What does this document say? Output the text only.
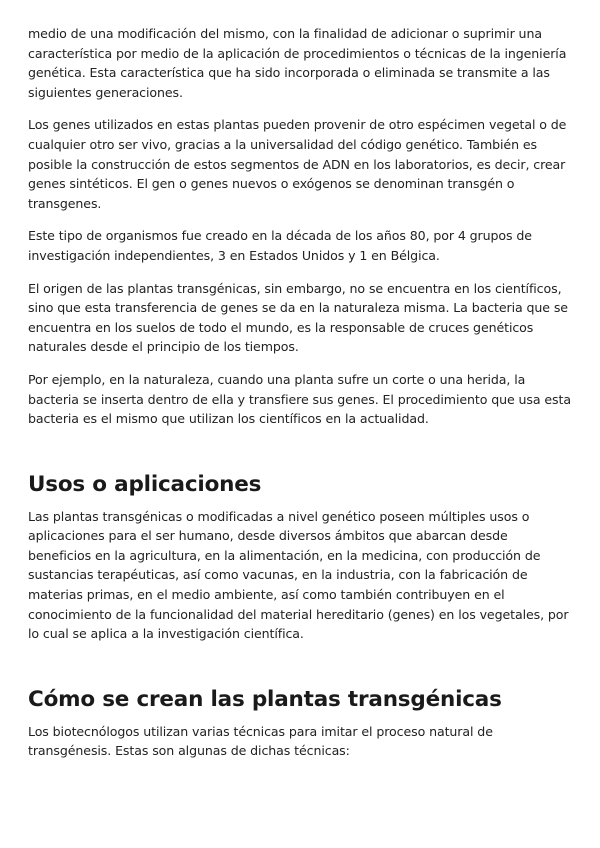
medio de una modificación del mismo, con la finalidad de adicionar o suprimir una característica por medio de la aplicación de procedimientos o técnicas de la ingeniería genética. Esta característica que ha sido incorporada o eliminada se transmite a las siguientes generaciones.

Los genes utilizados en estas plantas pueden provenir de otro espécimen vegetal o de cualquier otro ser vivo, gracias a la universalidad del código genético. También es posible la construcción de estos segmentos de ADN en los laboratorios, es decir, crear genes sintéticos. El gen o genes nuevos o exógenos se denominan transgén o transgenes.

Este tipo de organismos fue creado en la década de los años 80, por 4 grupos de investigación independientes, 3 en Estados Unidos y 1 en Bélgica.

El origen de las plantas transgénicas, sin embargo, no se encuentra en los científicos, sino que esta transferencia de genes se da en la naturaleza misma. La bacteria que se encuentra en los suelos de todo el mundo, es la responsable de cruces genéticos naturales desde el principio de los tiempos.

Por ejemplo, en la naturaleza, cuando una planta sufre un corte o una herida, la bacteria se inserta dentro de ella y transfiere sus genes. El procedimiento que usa esta bacteria es el mismo que utilizan los científicos en la actualidad.

Usos o aplicaciones

Las plantas transgénicas o modificadas a nivel genético poseen múltiples usos o aplicaciones para el ser humano, desde diversos ámbitos que abarcan desde beneficios en la agricultura, en la alimentación, en la medicina, con producción de sustancias terapéuticas, así como vacunas, en la industria, con la fabricación de materias primas, en el medio ambiente, así como también contribuyen en el conocimiento de la funcionalidad del material hereditario (genes) en los vegetales, por lo cual se aplica a la investigación científica.

Cómo se crean las plantas transgénicas

Los biotecnólogos utilizan varias técnicas para imitar el proceso natural de transgénesis. Estas son algunas de dichas técnicas:
